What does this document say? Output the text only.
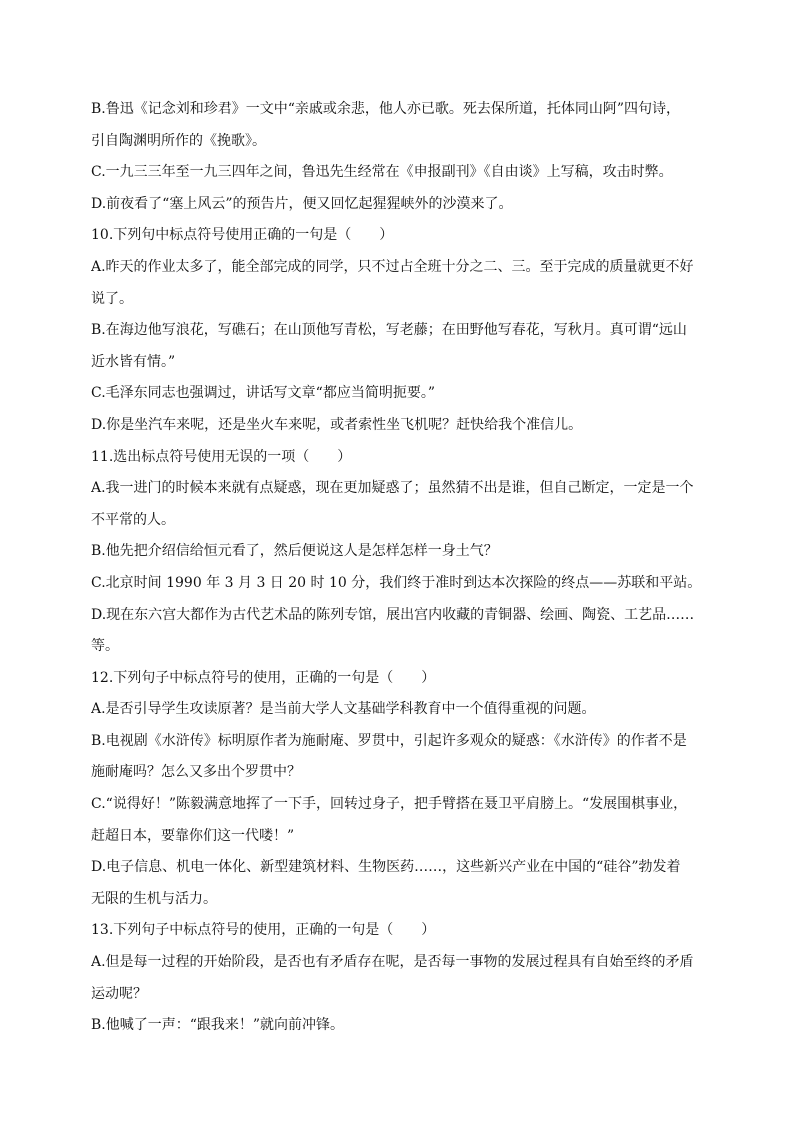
B.鲁迅《记念刘和珍君》一文中“亲戚或余悲，他人亦已歌。死去保所道，托体同山阿”四句诗，
引自陶渊明所作的《挽歌》。
C.一九三三年至一九三四年之间，鲁迅先生经常在《申报副刊》《自由谈》上写稿，攻击时弊。
D.前夜看了“塞上风云”的预告片，便又回忆起猩猩峡外的沙漠来了。
10.下列句中标点符号使用正确的一句是（　　）
A.昨天的作业太多了，能全部完成的同学，只不过占全班十分之二、三。至于完成的质量就更不好
说了。
B.在海边他写浪花，写礁石；在山顶他写青松，写老藤；在田野他写春花，写秋月。真可谓“远山
近水皆有情。”
C.毛泽东同志也强调过，讲话写文章“都应当简明扼要。”
D.你是坐汽车来呢，还是坐火车来呢，或者索性坐飞机呢？赶快给我个准信儿。
11.选出标点符号使用无误的一项（　　）
A.我一进门的时候本来就有点疑惑，现在更加疑惑了；虽然猜不出是谁，但自己断定，一定是一个
不平常的人。
B.他先把介绍信给恒元看了，然后便说这人是怎样怎样一身土气？
C.北京时间 1990 年 3 月 3 日 20 时 10 分，我们终于准时到达本次探险的终点——苏联和平站。
D.现在东六宫大都作为古代艺术品的陈列专馆，展出宫内收藏的青铜器、绘画、陶瓷、工艺品……
等。
12.下列句子中标点符号的使用，正确的一句是（　　）
A.是否引导学生攻读原著？是当前大学人文基础学科教育中一个值得重视的问题。
B.电视剧《水浒传》标明原作者为施耐庵、罗贯中，引起许多观众的疑惑：《水浒传》的作者不是
施耐庵吗？怎么又多出个罗贯中？
C.“说得好！”陈毅满意地挥了一下手，回转过身子，把手臂搭在聂卫平肩膀上。“发展围棋事业，
赶超日本，要靠你们这一代喽！”
D.电子信息、机电一体化、新型建筑材料、生物医药……，这些新兴产业在中国的“硅谷”勃发着
无限的生机与活力。
13.下列句子中标点符号的使用，正确的一句是（　　）
A.但是每一过程的开始阶段，是否也有矛盾存在呢，是否每一事物的发展过程具有自始至终的矛盾
运动呢？
B.他喊了一声：“跟我来！”就向前冲锋。
